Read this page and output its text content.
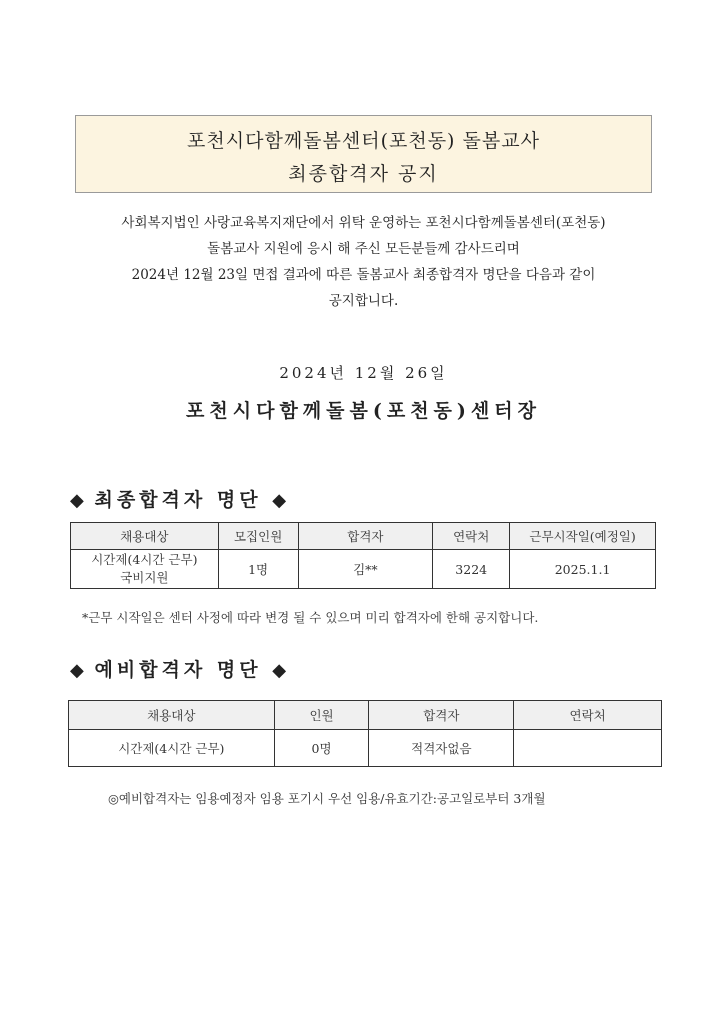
포천시다함께돌봄센터(포천동) 돌봄교사
최종합격자 공지
사회복지법인 사랑교육복지재단에서 위탁 운영하는 포천시다함께돌봄센터(포천동)
돌봄교사 지원에 응시 해 주신 모든분들께 감사드리며
2024년 12월 23일 면접 결과에 따른 돌봄교사 최종합격자 명단을 다음과 같이
공지합니다.
2024년 12월 26일
포천시다함께돌봄(포천동)센터장
◆ 최종합격자 명단 ◆
채용대상	모집인원	합격자	연락처	근무시작일(예정일)

시간제(4시간 근무)
국비지원	1명	김**	3224	2025.1.1
*근무 시작일은 센터 사정에 따라 변경 될 수 있으며 미리 합격자에 한해 공지합니다.
◆ 예비합격자 명단 ◆
채용대상	인원	합격자	연락처
시간제(4시간 근무)	0명	적격자없음	
◎예비합격자는 임용예정자 임용 포기시 우선 임용/유효기간:공고일로부터 3개월
